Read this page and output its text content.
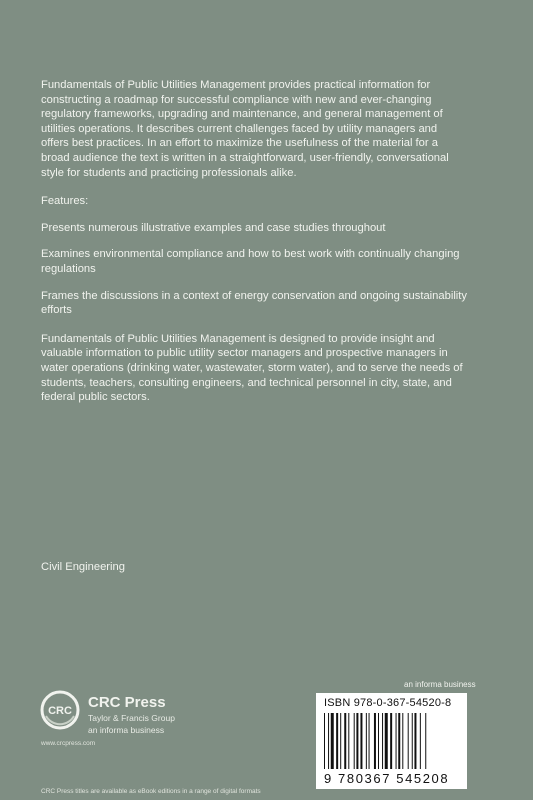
Fundamentals of Public Utilities Management provides practical information for constructing a roadmap for successful compliance with new and ever-changing regulatory frameworks, upgrading and maintenance, and general management of utilities operations. It describes current challenges faced by utility managers and offers best practices. In an effort to maximize the usefulness of the material for a broad audience the text is written in a straightforward, user-friendly, conversational style for students and practicing professionals alike.

Features:

Presents numerous illustrative examples and case studies throughout

Examines environmental compliance and how to best work with continually changing regulations

Frames the discussions in a context of energy conservation and ongoing sustainability efforts

Fundamentals of Public Utilities Management is designed to provide insight and valuable information to public utility sector managers and prospective managers in water operations (drinking water, wastewater, storm water), and to serve the needs of students, teachers, consulting engineers, and technical personnel in city, state, and federal public sectors.

Civil Engineering
an informa business
ISBN 978-0-367-54520-8
9 780367 545208
CRC CRC Press
Taylor & Francis Group
an informa business
www.crcpress.com
CRC Press titles are available as eBook editions in a range of digital formats
